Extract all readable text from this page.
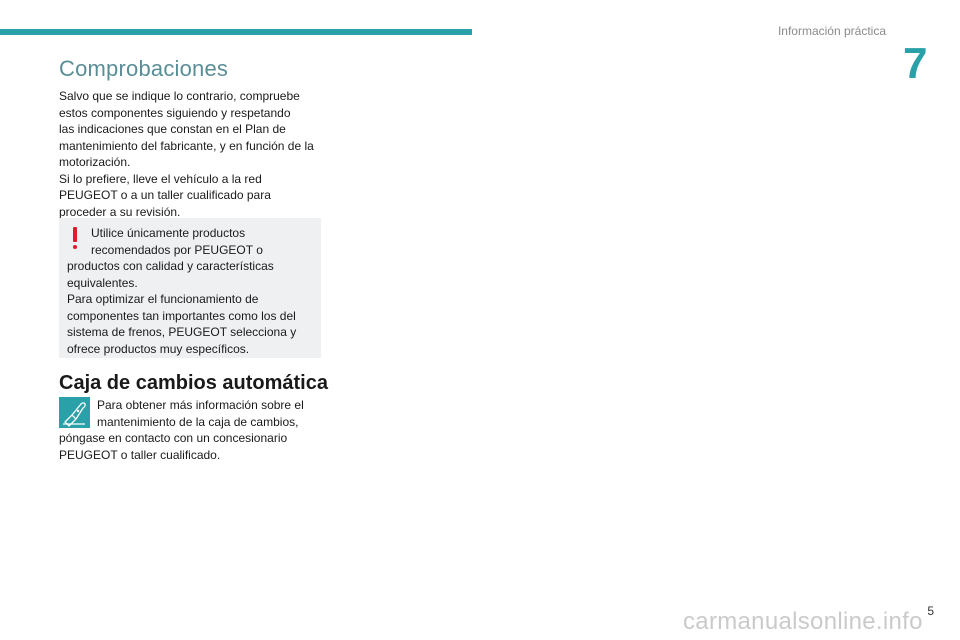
Información práctica
7
Comprobaciones

Salvo que se indique lo contrario, compruebe
estos componentes siguiendo y respetando
las indicaciones que constan en el Plan de
mantenimiento del fabricante, y en función de la
motorización.

Si lo prefiere, lleve el vehículo a la red
PEUGEOT o a un taller cualificado para
proceder a su revisión.

Utilice únicamente productos

recomendados por PEUGEOT o

productos con calidad y características equivalentes.

Para optimizar el funcionamiento de componentes tan importantes como los del sistema de frenos, PEUGEOT selecciona y ofrece productos muy específicos.

Caja de cambios automática

Para obtener más información sobre el

mantenimiento de la caja de cambios,

póngase en contacto con un concesionario PEUGEOT o taller cualificado.

5
carmanualsonline.info
